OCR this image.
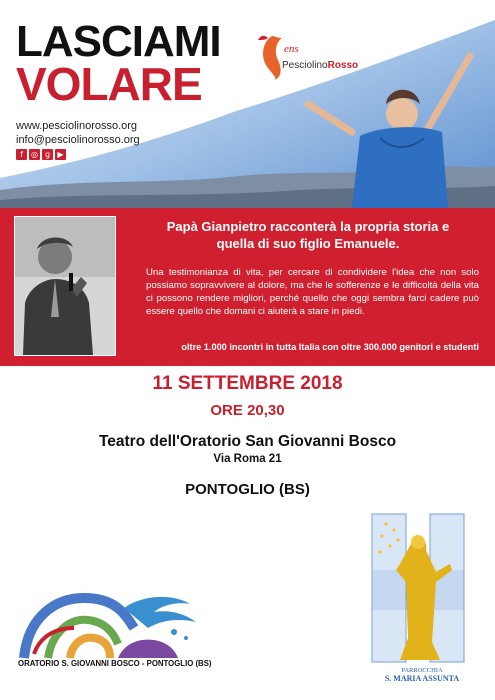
LASCIAMI
VOLARE
www.pesciolinorosso.org
info@pesciolinorosso.org
f	◎ g ▶
ens
PesciolinoRosso
Papà Gianpietro racconterà la propria storia e quella di suo figlio Emanuele.
Una testimonianza di vita, per cercare di condividere l'idea che non solo possiamo sopravvivere al dolore, ma che le sofferenze e le difficoltà della vita ci possono rendere migliori, perché quello che oggi sembra farci cadere può essere quello che domani ci aiuterà a stare in piedi.
oltre 1.000 incontri in tutta Italia con oltre 300.000 genitori e studenti
11 SETTEMBRE 2018
ORE 20,30
Teatro dell'Oratorio San Giovanni Bosco
Via Roma 21
PONTOGLIO (BS)
ORATORIO S. GIOVANNI BOSCO - PONTOGLIO (BS)
PARROCCHIA
S. MARIA ASSUNTA
